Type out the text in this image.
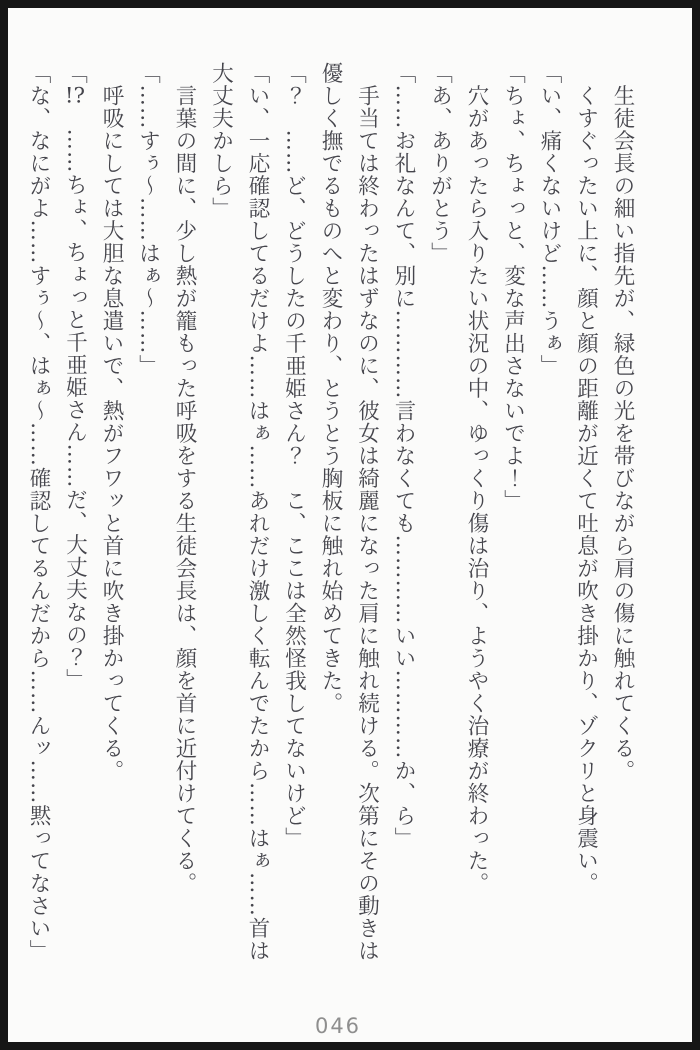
　生徒会長の細い指先が、緑色の光を帯びながら肩の傷に触れてくる。

　くすぐったい上に、顔と顔の距離が近くて吐息が吹き掛かり、ゾクリと身震い。

「い、痛くないけど……うぁ」

「ちょ、ちょっと、変な声出さないでよ！」

　穴があったら入りたい状況の中、ゆっくり傷は治り、ようやく治療が終わった。

「あ、ありがとう」

「……お礼なんて、別に…………言わなくても…………いい…………か、ら」

　手当ては終わったはずなのに、彼女は綺麗になった肩に触れ続ける。次第にその動きは

優しく撫でるものへと変わり、とうとう胸板に触れ始めてきた。

「？　……ど、どうしたの千亜姫さん？　こ、ここは全然怪我してないけど」

「い、一応確認してるだけよ……はぁ……あれだけ激しく転んでたから……はぁ……首は

大丈夫かしら」

　言葉の間に、少し熱が籠もった呼吸をする生徒会長は、顔を首に近付けてくる。

「……すぅ～……はぁ～……」

　呼吸にしては大胆な息遣いで、熱がフワッと首に吹き掛かってくる。

「!?　……ちょ、ちょっと千亜姫さん……だ、大丈夫なの？」

「な、なにがよ……すぅ～、はぁ～……確認してるんだから……んッ……黙ってなさい」

046
